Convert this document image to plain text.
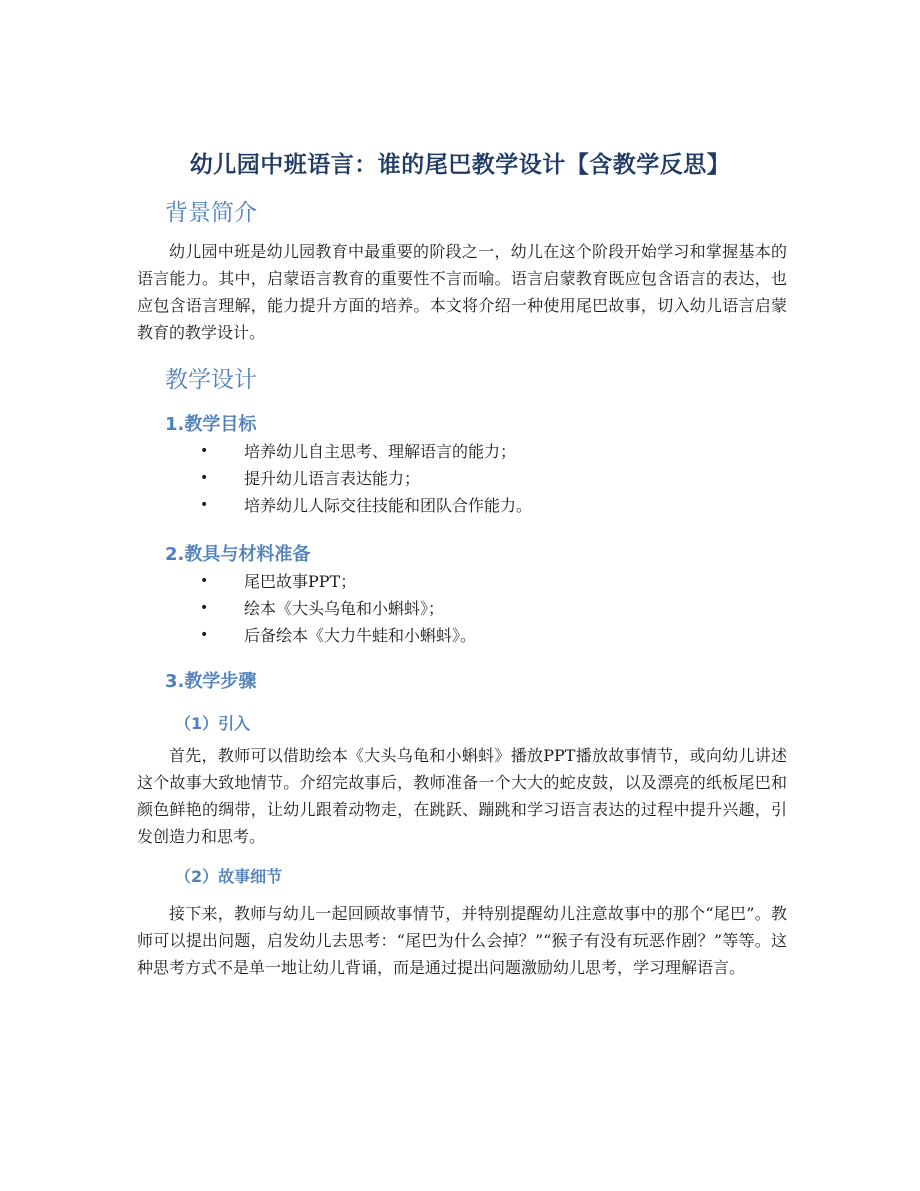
幼儿园中班语言：谁的尾巴教学设计【含教学反思】
背景简介

幼儿园中班是幼儿园教育中最重要的阶段之一，幼儿在这个阶段开始学习和掌握基本的语言能力。其中，启蒙语言教育的重要性不言而喻。语言启蒙教育既应包含语言的表达，也应包含语言理解，能力提升方面的培养。本文将介绍一种使用尾巴故事，切入幼儿语言启蒙教育的教学设计。

教学设计
1.教学目标
• 培养幼儿自主思考、理解语言的能力；
• 提升幼儿语言表达能力；
• 培养幼儿人际交往技能和团队合作能力。
2.教具与材料准备
• 尾巴故事PPT；
• 绘本《大头乌龟和小蝌蚪》；
• 后备绘本《大力牛蛙和小蝌蚪》。
3.教学步骤
（1）引入

首先，教师可以借助绘本《大头乌龟和小蝌蚪》播放PPT播放故事情节，或向幼儿讲述这个故事大致地情节。介绍完故事后，教师准备一个大大的蛇皮鼓，以及漂亮的纸板尾巴和颜色鲜艳的绸带，让幼儿跟着动物走，在跳跃、蹦跳和学习语言表达的过程中提升兴趣，引发创造力和思考。

（2）故事细节

接下来，教师与幼儿一起回顾故事情节，并特别提醒幼儿注意故事中的那个“尾巴”。教师可以提出问题，启发幼儿去思考：“尾巴为什么会掉？”“猴子有没有玩恶作剧？”等等。这种思考方式不是单一地让幼儿背诵，而是通过提出问题激励幼儿思考，学习理解语言。
